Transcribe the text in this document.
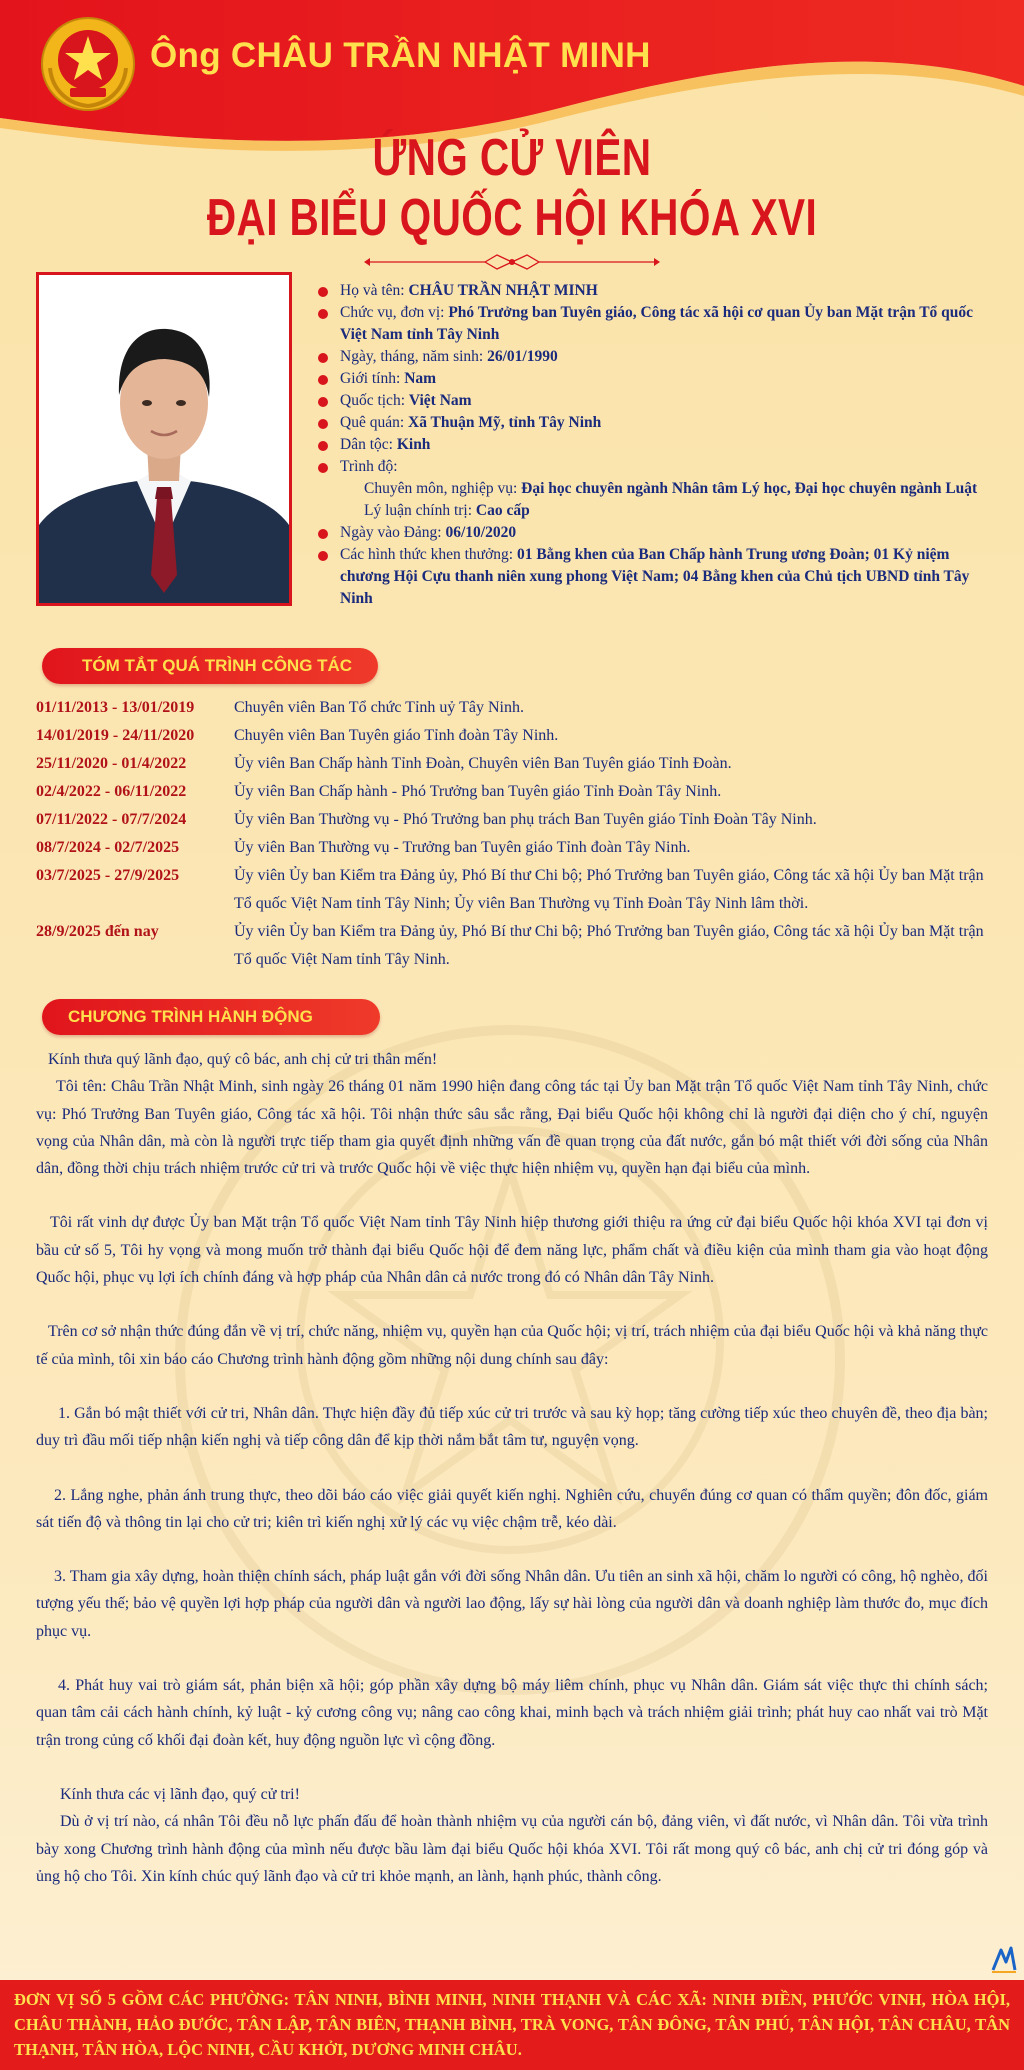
Ông CHÂU TRẦN NHẬT MINH
ỨNG CỬ VIÊN
ĐẠI BIỂU QUỐC HỘI KHÓA XVI
Họ và tên: CHÂU TRẦN NHẬT MINH
Chức vụ, đơn vị: Phó Trưởng ban Tuyên giáo, Công tác xã hội cơ quan Ủy ban Mặt trận Tổ quốc Việt Nam tỉnh Tây Ninh
Ngày, tháng, năm sinh: 26/01/1990
Giới tính: Nam
Quốc tịch: Việt Nam
Quê quán: Xã Thuận Mỹ, tỉnh Tây Ninh
Dân tộc: Kinh
Trình độ:
Chuyên môn, nghiệp vụ: Đại học chuyên ngành Nhân tâm Lý học, Đại học chuyên ngành Luật
Lý luận chính trị: Cao cấp
Ngày vào Đảng: 06/10/2020
Các hình thức khen thưởng: 01 Bằng khen của Ban Chấp hành Trung ương Đoàn; 01 Kỷ niệm chương Hội Cựu thanh niên xung phong Việt Nam; 04 Bằng khen của Chủ tịch UBND tỉnh Tây Ninh
TÓM TẮT QUÁ TRÌNH CÔNG TÁC
01/11/2013 - 13/01/2019	Chuyên viên Ban Tổ chức Tỉnh uỷ Tây Ninh.
14/01/2019 - 24/11/2020	Chuyên viên Ban Tuyên giáo Tỉnh đoàn Tây Ninh.
25/11/2020 - 01/4/2022	Ủy viên Ban Chấp hành Tỉnh Đoàn, Chuyên viên Ban Tuyên giáo Tỉnh Đoàn.
02/4/2022 - 06/11/2022	Ủy viên Ban Chấp hành - Phó Trưởng ban Tuyên giáo Tỉnh Đoàn Tây Ninh.
07/11/2022 - 07/7/2024	Ủy viên Ban Thường vụ - Phó Trưởng ban phụ trách Ban Tuyên giáo Tỉnh Đoàn Tây Ninh.
08/7/2024 - 02/7/2025	Ủy viên Ban Thường vụ - Trưởng ban Tuyên giáo Tỉnh đoàn Tây Ninh.
03/7/2025 - 27/9/2025	Ủy viên Ủy ban Kiểm tra Đảng ủy, Phó Bí thư Chi bộ; Phó Trưởng ban Tuyên giáo, Công tác xã hội Ủy ban Mặt trận Tổ quốc Việt Nam tỉnh Tây Ninh; Ủy viên Ban Thường vụ Tỉnh Đoàn Tây Ninh lâm thời.
28/9/2025 đến nay	Ủy viên Ủy ban Kiểm tra Đảng ủy, Phó Bí thư Chi bộ; Phó Trưởng ban Tuyên giáo, Công tác xã hội Ủy ban Mặt trận Tổ quốc Việt Nam tỉnh Tây Ninh.
CHƯƠNG TRÌNH HÀNH ĐỘNG

Kính thưa quý lãnh đạo, quý cô bác, anh chị cử tri thân mến!

Tôi tên: Châu Trần Nhật Minh, sinh ngày 26 tháng 01 năm 1990 hiện đang công tác tại Ủy ban Mặt trận Tổ quốc Việt Nam tỉnh Tây Ninh, chức vụ: Phó Trưởng Ban Tuyên giáo, Công tác xã hội. Tôi nhận thức sâu sắc rằng, Đại biểu Quốc hội không chỉ là người đại diện cho ý chí, nguyện vọng của Nhân dân, mà còn là người trực tiếp tham gia quyết định những vấn đề quan trọng của đất nước, gắn bó mật thiết với đời sống của Nhân dân, đồng thời chịu trách nhiệm trước cử tri và trước Quốc hội về việc thực hiện nhiệm vụ, quyền hạn đại biểu của mình.

Tôi rất vinh dự được Ủy ban Mặt trận Tổ quốc Việt Nam tỉnh Tây Ninh hiệp thương giới thiệu ra ứng cử đại biểu Quốc hội khóa XVI tại đơn vị bầu cử số 5, Tôi hy vọng và mong muốn trở thành đại biểu Quốc hội để đem năng lực, phẩm chất và điều kiện của mình tham gia vào hoạt động Quốc hội, phục vụ lợi ích chính đáng và hợp pháp của Nhân dân cả nước trong đó có Nhân dân Tây Ninh.

Trên cơ sở nhận thức đúng đắn về vị trí, chức năng, nhiệm vụ, quyền hạn của Quốc hội; vị trí, trách nhiệm của đại biểu Quốc hội và khả năng thực tế của mình, tôi xin báo cáo Chương trình hành động gồm những nội dung chính sau đây:

1. Gắn bó mật thiết với cử tri, Nhân dân. Thực hiện đầy đủ tiếp xúc cử tri trước và sau kỳ họp; tăng cường tiếp xúc theo chuyên đề, theo địa bàn; duy trì đầu mối tiếp nhận kiến nghị và tiếp công dân để kịp thời nắm bắt tâm tư, nguyện vọng.

2. Lắng nghe, phản ánh trung thực, theo dõi báo cáo việc giải quyết kiến nghị. Nghiên cứu, chuyển đúng cơ quan có thẩm quyền; đôn đốc, giám sát tiến độ và thông tin lại cho cử tri; kiên trì kiến nghị xử lý các vụ việc chậm trễ, kéo dài.

3. Tham gia xây dựng, hoàn thiện chính sách, pháp luật gắn với đời sống Nhân dân. Ưu tiên an sinh xã hội, chăm lo người có công, hộ nghèo, đối tượng yếu thế; bảo vệ quyền lợi hợp pháp của người dân và người lao động, lấy sự hài lòng của người dân và doanh nghiệp làm thước đo, mục đích phục vụ.

4. Phát huy vai trò giám sát, phản biện xã hội; góp phần xây dựng bộ máy liêm chính, phục vụ Nhân dân. Giám sát việc thực thi chính sách; quan tâm cải cách hành chính, kỷ luật - kỷ cương công vụ; nâng cao công khai, minh bạch và trách nhiệm giải trình; phát huy cao nhất vai trò Mặt trận trong củng cố khối đại đoàn kết, huy động nguồn lực vì cộng đồng.

Kính thưa các vị lãnh đạo, quý cử tri!

Dù ở vị trí nào, cá nhân Tôi đều nỗ lực phấn đấu để hoàn thành nhiệm vụ của người cán bộ, đảng viên, vì đất nước, vì Nhân dân. Tôi vừa trình bày xong Chương trình hành động của mình nếu được bầu làm đại biểu Quốc hội khóa XVI. Tôi rất mong quý cô bác, anh chị cử tri đóng góp và ủng hộ cho Tôi. Xin kính chúc quý lãnh đạo và cử tri khỏe mạnh, an lành, hạnh phúc, thành công.

ĐƠN VỊ SỐ 5 GỒM CÁC PHƯỜNG: TÂN NINH, BÌNH MINH, NINH THẠNH VÀ CÁC XÃ: NINH ĐIỀN, PHƯỚC VINH, HÒA HỘI, CHÂU THÀNH, HẢO ĐƯỚC, TÂN LẬP, TÂN BIÊN, THẠNH BÌNH, TRÀ VONG, TÂN ĐÔNG, TÂN PHÚ, TÂN HỘI, TÂN CHÂU, TÂN THẠNH, TÂN HÒA, LỘC NINH, CẦU KHỞI, DƯƠNG MINH CHÂU.
